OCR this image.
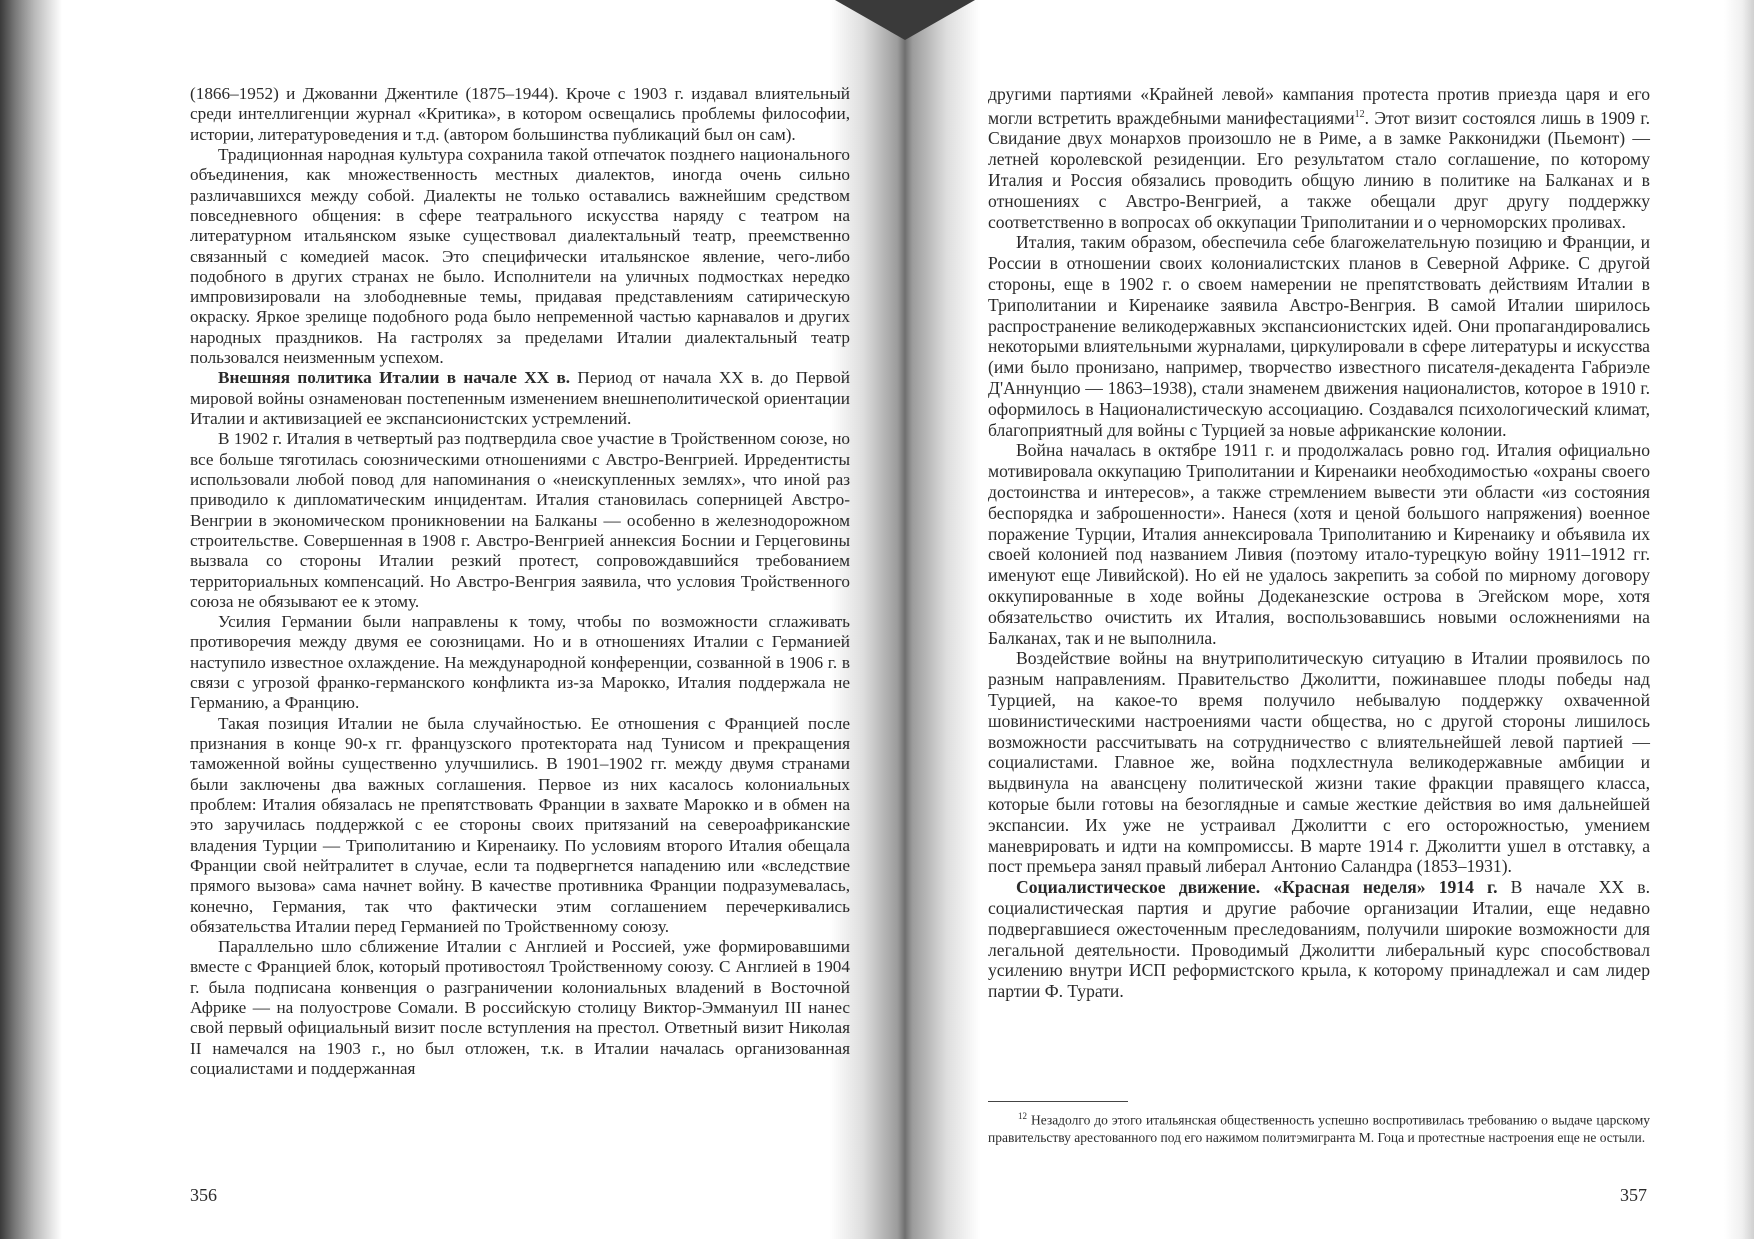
(1866–1952) и Джованни Джентиле (1875–1944). Кроче с 1903 г. издавал влиятельный среди интеллигенции журнал «Критика», в котором освещались проблемы философии, истории, литературоведения и т.д. (автором большинства публикаций был он сам).

Традиционная народная культура сохранила такой отпечаток позднего национального объединения, как множественность местных диалектов, иногда очень сильно различавшихся между собой. Диалекты не только оставались важнейшим средством повседневного общения: в сфере театрального искусства наряду с театром на литературном итальянском языке существовал диалектальный театр, преемственно связанный с комедией масок. Это специфически итальянское явление, чего-либо подобного в других странах не было. Исполнители на уличных подмостках нередко импровизировали на злободневные темы, придавая представлениям сатирическую окраску. Яркое зрелище подобного рода было непременной частью карнавалов и других народных праздников. На гастролях за пределами Италии диалектальный театр пользовался неизменным успехом.

Внешняя политика Италии в начале XX в. Период от начала XX в. до Первой мировой войны ознаменован постепенным изменением внешнеполитической ориентации Италии и активизацией ее экспансионистских устремлений.

В 1902 г. Италия в четвертый раз подтвердила свое участие в Тройственном союзе, но все больше тяготилась союзническими отношениями с Австро-Венгрией. Ирредентисты использовали любой повод для напоминания о «неискупленных землях», что иной раз приводило к дипломатическим инцидентам. Италия становилась соперницей Австро-Венгрии в экономическом проникновении на Балканы — особенно в железнодорожном строительстве. Совершенная в 1908 г. Австро-Венгрией аннексия Боснии и Герцеговины вызвала со стороны Италии резкий протест, сопровождавшийся требованием территориальных компенсаций. Но Австро-Венгрия заявила, что условия Тройственного союза не обязывают ее к этому.

Усилия Германии были направлены к тому, чтобы по возможности сглаживать противоречия между двумя ее союзницами. Но и в отношениях Италии с Германией наступило известное охлаждение. На международной конференции, созванной в 1906 г. в связи с угрозой франко-германского конфликта из-за Марокко, Италия поддержала не Германию, а Францию.

Такая позиция Италии не была случайностью. Ее отношения с Францией после признания в конце 90-х гг. французского протектората над Тунисом и прекращения таможенной войны существенно улучшились. В 1901–1902 гг. между двумя странами были заключены два важных соглашения. Первое из них касалось колониальных проблем: Италия обязалась не препятствовать Франции в захвате Марокко и в обмен на это заручилась поддержкой с ее стороны своих притязаний на североафриканские владения Турции — Триполитанию и Киренаику. По условиям второго Италия обещала Франции свой нейтралитет в случае, если та подвергнется нападению или «вследствие прямого вызова» сама начнет войну. В качестве противника Франции подразумевалась, конечно, Германия, так что фактически этим соглашением перечеркивались обязательства Италии перед Германией по Тройственному союзу.

Параллельно шло сближение Италии с Англией и Россией, уже формировавшими вместе с Францией блок, который противостоял Тройственному союзу. С Англией в 1904 г. была подписана конвенция о разграничении колониальных владений в Восточной Африке — на полуострове Сомали. В российскую столицу Виктор-Эммануил III нанес свой первый официальный визит после вступления на престол. Ответный визит Николая II намечался на 1903 г., но был отложен, т.к. в Италии началась организованная социалистами и поддержанная

356

другими партиями «Крайней левой» кампания протеста против приезда царя и его могли встретить враждебными манифестациями$^{12}$. Этот визит состоялся лишь в 1909 г. Свидание двух монархов произошло не в Риме, а в замке Раккониджи (Пьемонт) — летней королевской резиденции. Его результатом стало соглашение, по которому Италия и Россия обязались проводить общую линию в политике на Балканах и в отношениях с Австро-Венгрией, а также обещали друг другу поддержку соответственно в вопросах об оккупации Триполитании и о черноморских проливах.

Италия, таким образом, обеспечила себе благожелательную позицию и Франции, и России в отношении своих колониалистских планов в Северной Африке. С другой стороны, еще в 1902 г. о своем намерении не препятствовать действиям Италии в Триполитании и Киренаике заявила Австро-Венгрия. В самой Италии ширилось распространение великодержавных экспансионистских идей. Они пропагандировались некоторыми влиятельными журналами, циркулировали в сфере литературы и искусства (ими было пронизано, например, творчество известного писателя-декадента Габриэле Д'Аннунцио — 1863–1938), стали знаменем движения националистов, которое в 1910 г. оформилось в Националистическую ассоциацию. Создавался психологический климат, благоприятный для войны с Турцией за новые африканские колонии.

Война началась в октябре 1911 г. и продолжалась ровно год. Италия официально мотивировала оккупацию Триполитании и Киренаики необходимостью «охраны своего достоинства и интересов», а также стремлением вывести эти области «из состояния беспорядка и заброшенности». Нанеся (хотя и ценой большого напряжения) военное поражение Турции, Италия аннексировала Триполитанию и Киренаику и объявила их своей колонией под названием Ливия (поэтому итало-турецкую войну 1911–1912 гг. именуют еще Ливийской). Но ей не удалось закрепить за собой по мирному договору оккупированные в ходе войны Додеканезские острова в Эгейском море, хотя обязательство очистить их Италия, воспользовавшись новыми осложнениями на Балканах, так и не выполнила.

Воздействие войны на внутриполитическую ситуацию в Италии проявилось по разным направлениям. Правительство Джолитти, пожинавшее плоды победы над Турцией, на какое-то время получило небывалую поддержку охваченной шовинистическими настроениями части общества, но с другой стороны лишилось возможности рассчитывать на сотрудничество с влиятельнейшей левой партией — социалистами. Главное же, война подхлестнула великодержавные амбиции и выдвинула на авансцену политической жизни такие фракции правящего класса, которые были готовы на безоглядные и самые жесткие действия во имя дальнейшей экспансии. Их уже не устраивал Джолитти с его осторожностью, умением маневрировать и идти на компромиссы. В марте 1914 г. Джолитти ушел в отставку, а пост премьера занял правый либерал Антонио Саландра (1853–1931).

Социалистическое движение. «Красная неделя» 1914 г. В начале XX в. социалистическая партия и другие рабочие организации Италии, еще недавно подвергавшиеся ожесточенным преследованиям, получили широкие возможности для легальной деятельности. Проводимый Джолитти либеральный курс способствовал усилению внутри ИСП реформистского крыла, к которому принадлежал и сам лидер партии Ф. Турати.

$^{12}$ Незадолго до этого итальянская общественность успешно воспротивилась требованию о выдаче царскому правительству арестованного под его нажимом политэмигранта М. Гоца и протестные настроения еще не остыли.
357
